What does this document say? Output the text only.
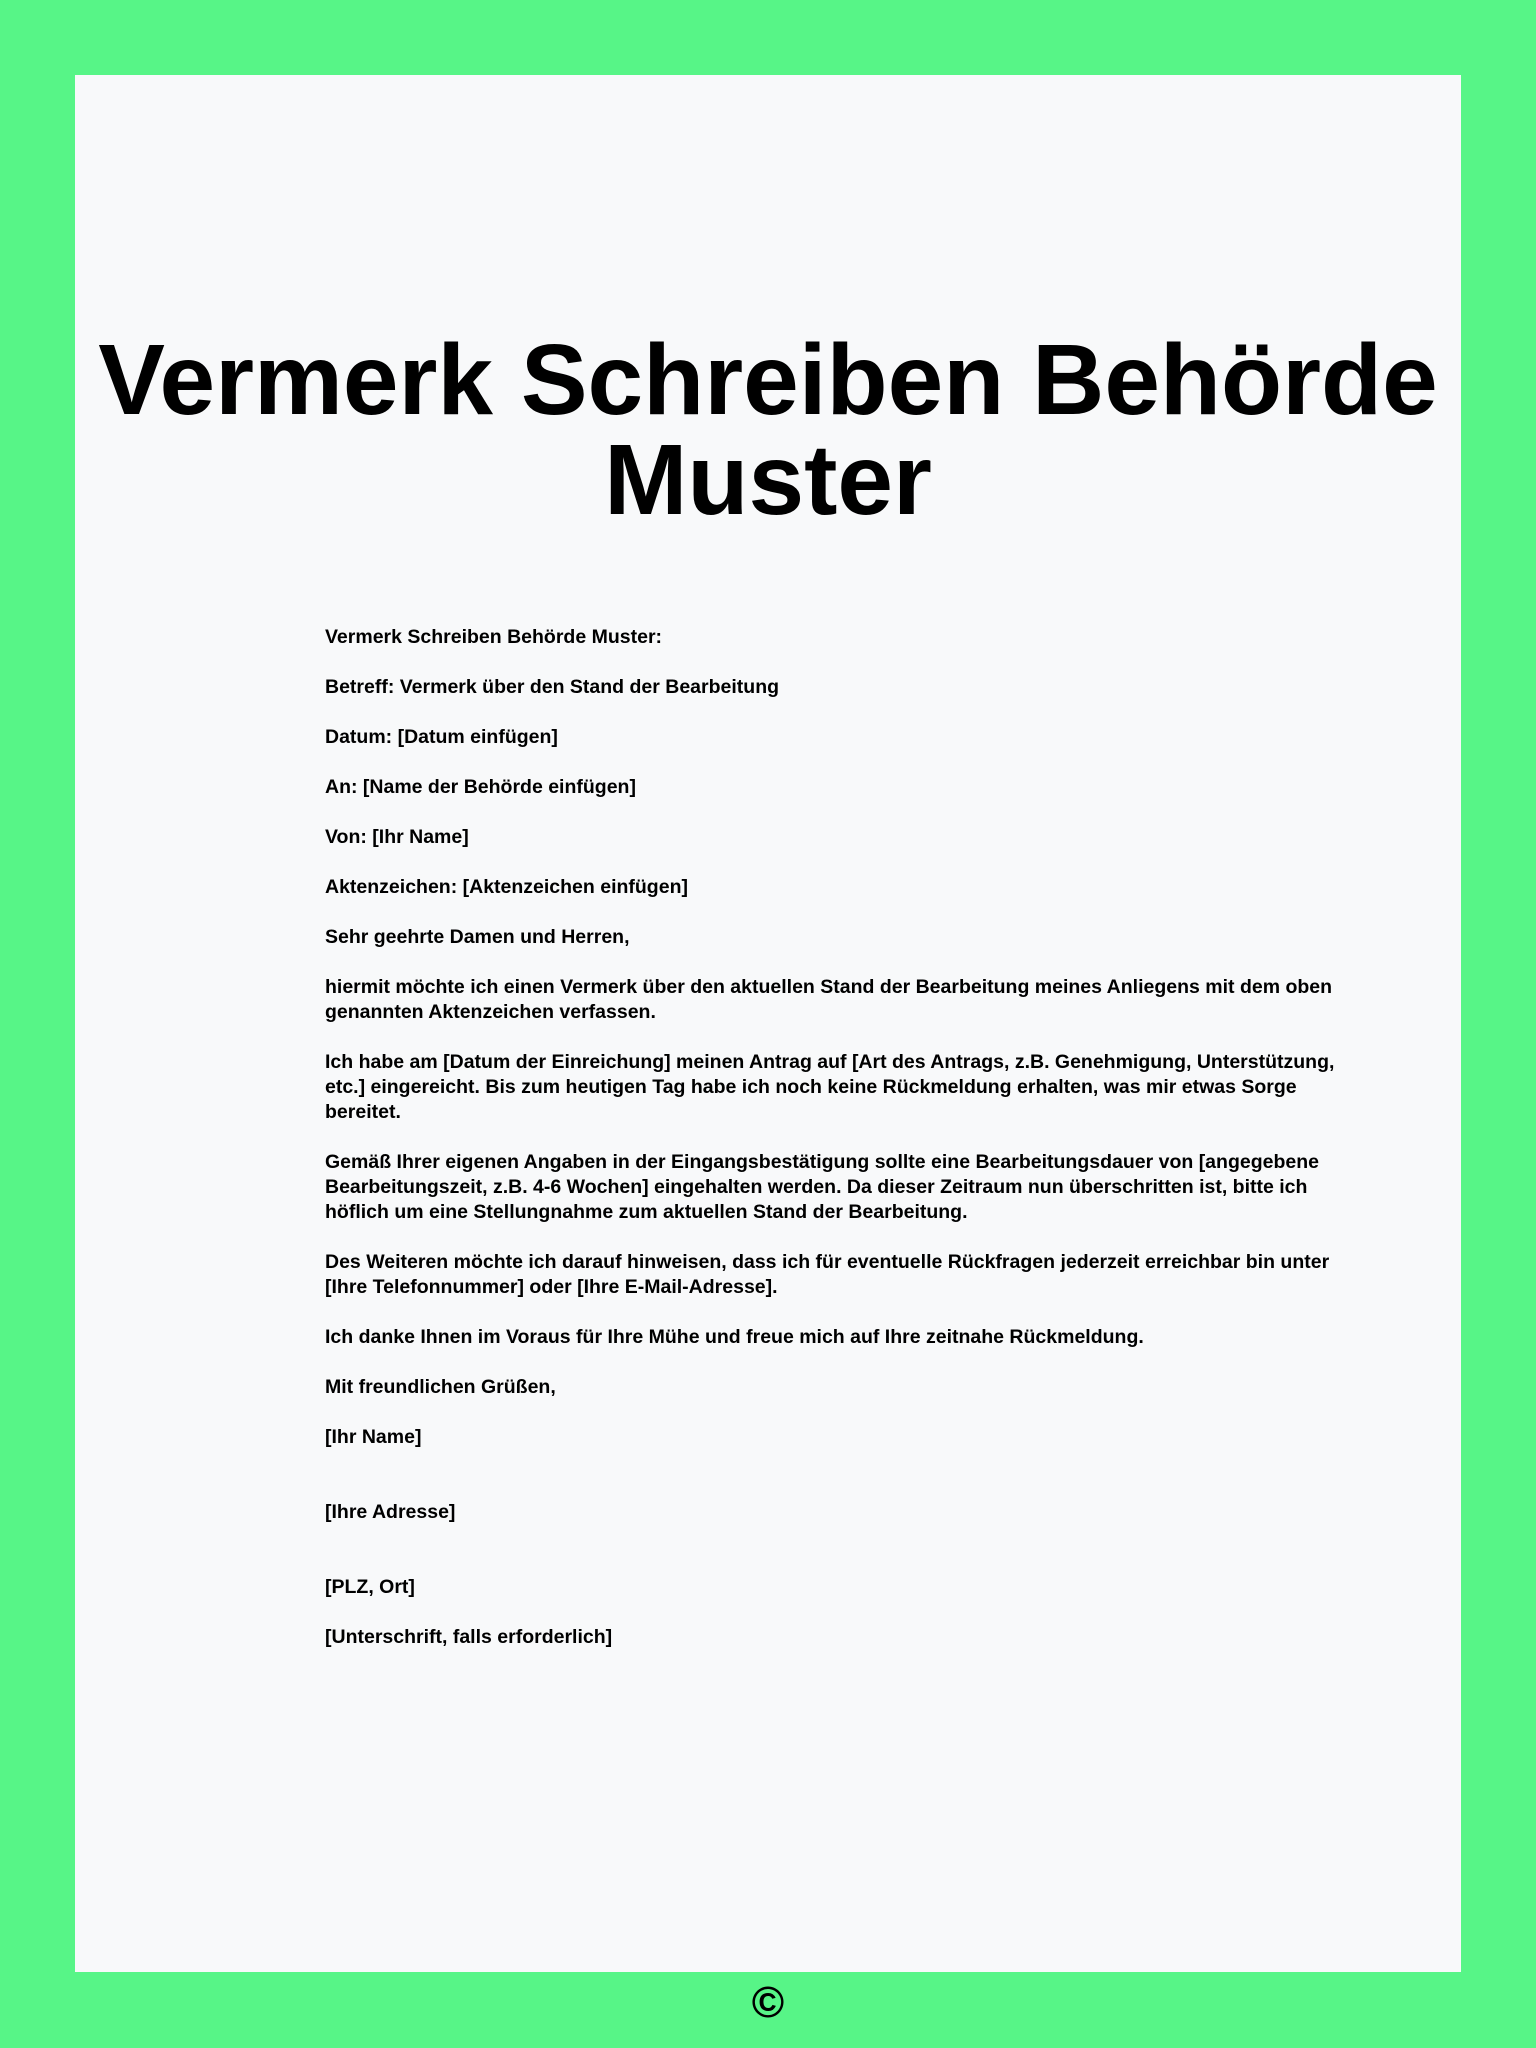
Vermerk Schreiben Behörde Muster

Vermerk Schreiben Behörde Muster:

Betreff: Vermerk über den Stand der Bearbeitung

Datum: [Datum einfügen]

An: [Name der Behörde einfügen]

Von: [Ihr Name]

Aktenzeichen: [Aktenzeichen einfügen]

Sehr geehrte Damen und Herren,

hiermit möchte ich einen Vermerk über den aktuellen Stand der Bearbeitung meines Anliegens mit dem oben genannten Aktenzeichen verfassen.

Ich habe am [Datum der Einreichung] meinen Antrag auf [Art des Antrags, z.B. Genehmigung, Unterstützung, etc.] eingereicht. Bis zum heutigen Tag habe ich noch keine Rückmeldung erhalten, was mir etwas Sorge bereitet.

Gemäß Ihrer eigenen Angaben in der Eingangsbestätigung sollte eine Bearbeitungsdauer von [angegebene Bearbeitungszeit, z.B. 4-6 Wochen] eingehalten werden. Da dieser Zeitraum nun überschritten ist, bitte ich höflich um eine Stellungnahme zum aktuellen Stand der Bearbeitung.

Des Weiteren möchte ich darauf hinweisen, dass ich für eventuelle Rückfragen jederzeit erreichbar bin unter [Ihre Telefonnummer] oder [Ihre E-Mail-Adresse].

Ich danke Ihnen im Voraus für Ihre Mühe und freue mich auf Ihre zeitnahe Rückmeldung.

Mit freundlichen Grüßen,

[Ihr Name]

[Ihre Adresse]

[PLZ, Ort]

[Unterschrift, falls erforderlich]

©
